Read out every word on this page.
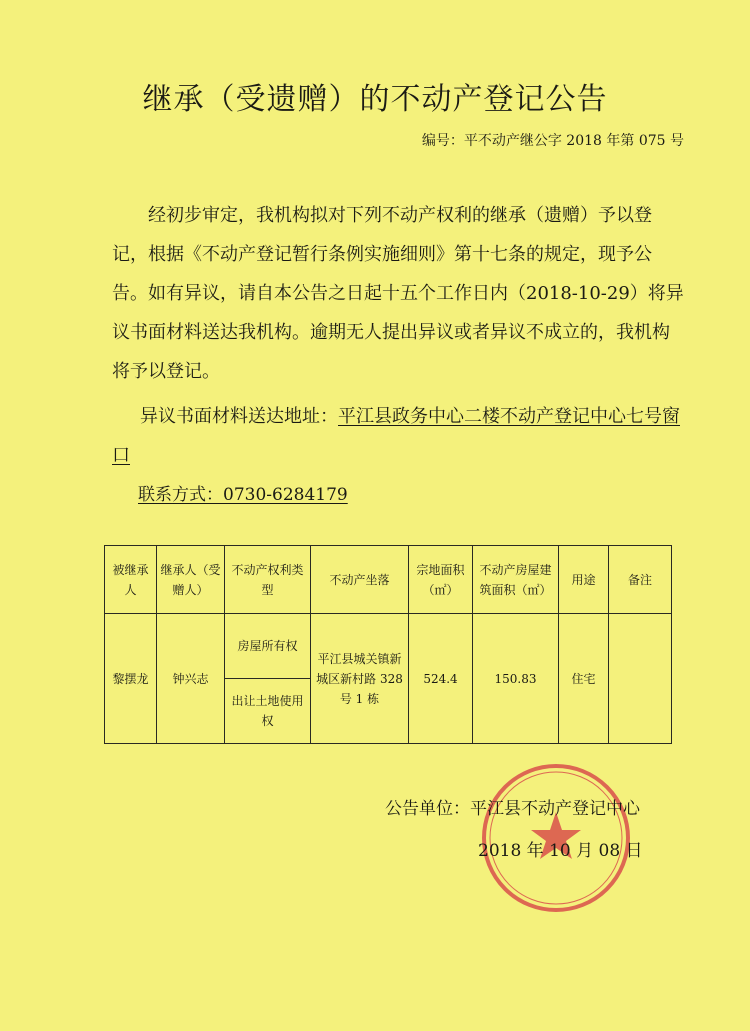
继承（受遗赠）的不动产登记公告
编号：平不动产继公字 2018 年第 075 号

经初步审定，我机构拟对下列不动产权利的继承（遗赠）予以登记，根据《不动产登记暂行条例实施细则》第十七条的规定，现予公告。如有异议，请自本公告之日起十五个工作日内（2018-10-29）将异议书面材料送达我机构。逾期无人提出异议或者异议不成立的，我机构将予以登记。

异议书面材料送达地址：平江县政务中心二楼不动产登记中心七号窗口

联系方式：0730-6284179
被继承人	继承人（受赠人）	不动产权利类型	不动产坐落	宗地面积（㎡）	不动产房屋建筑面积（㎡）	用途	备注
黎摆龙	钟兴志	房屋所有权	平江县城关镇新城区新村路 328 号 1 栋	524.4	150.83	住宅	
		出让土地使用权					
公告单位：平江县不动产登记中心
2018 年 10 月 08 日
